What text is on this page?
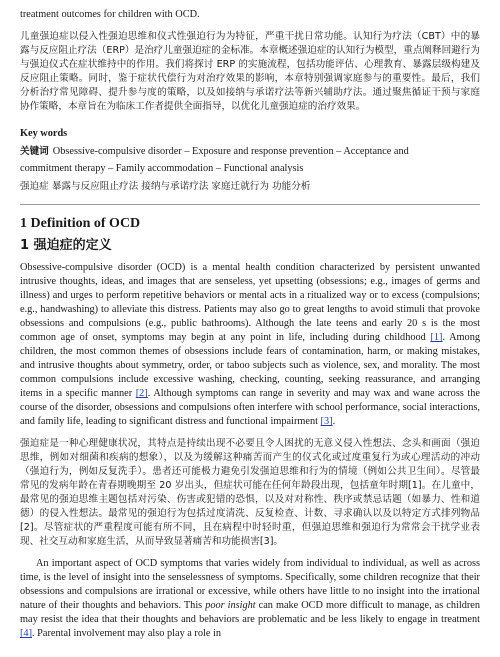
treatment outcomes for children with OCD.

儿童强迫症以侵入性强迫思维和仪式性强迫行为为特征，严重干扰日常功能。认知行为疗法（CBT）中的暴露与反应阻止疗法（ERP）是治疗儿童强迫症的金标准。本章概述强迫症的认知行为模型，重点阐释回避行为与强迫仪式在症状维持中的作用。我们将探讨 ERP 的实施流程，包括功能评估、心理教育、暴露层级构建及反应阻止策略。同时，鉴于症状代偿行为对治疗效果的影响，本章特别强调家庭参与的重要性。最后，我们分析治疗常见障碍、提升参与度的策略，以及如接纳与承诺疗法等新兴辅助疗法。通过聚焦循证干预与家庭协作策略，本章旨在为临床工作者提供全面指导，以优化儿童强迫症的治疗效果。

Key words
关键词 Obsessive-compulsive disorder – Exposure and response prevention – Acceptance and
commitment therapy – Family accommodation – Functional analysis
强迫症 暴露与反应阻止疗法 接纳与承诺疗法 家庭迁就行为 功能分析
1 Definition of OCD
1 强迫症的定义

Obsessive-compulsive disorder (OCD) is a mental health condition characterized by persistent unwanted intrusive thoughts, ideas, and images that are senseless, yet upsetting (obsessions; e.g., images of germs and illness) and urges to perform repetitive behaviors or mental acts in a ritualized way or to excess (compulsions; e.g., handwashing) to alleviate this distress. Patients may also go to great lengths to avoid stimuli that provoke obsessions and compulsions (e.g., public bathrooms). Although the late teens and early 20 s is the most common age of onset, symptoms may begin at any point in life, including during childhood [1]. Among children, the most common themes of obsessions include fears of contamination, harm, or making mistakes, and intrusive thoughts about symmetry, order, or taboo subjects such as violence, sex, and morality. The most common compulsions include excessive washing, checking, counting, seeking reassurance, and arranging items in a specific manner [2]. Although symptoms can range in severity and may wax and wane across the course of the disorder, obsessions and compulsions often interfere with school performance, social interactions, and family life, leading to significant distress and functional impairment [3].

强迫症是一种心理健康状况，其特点是持续出现不必要且令人困扰的无意义侵入性想法、念头和画面（强迫思维，例如对细菌和疾病的想象），以及为缓解这种痛苦而产生的仪式化或过度重复行为或心理活动的冲动（强迫行为，例如反复洗手）。患者还可能极力避免引发强迫思维和行为的情境（例如公共卫生间）。尽管最常见的发病年龄在青春期晚期至 20 岁出头，但症状可能在任何年龄段出现，包括童年时期[1]。在儿童中，最常见的强迫思维主题包括对污染、伤害或犯错的恐惧，以及对对称性、秩序或禁忌话题（如暴力、性和道德）的侵入性想法。最常见的强迫行为包括过度清洗、反复检查、计数、寻求确认以及以特定方式排列物品[2]。尽管症状的严重程度可能有所不同，且在病程中时轻时重，但强迫思维和强迫行为常常会干扰学业表现、社交互动和家庭生活，从而导致显著痛苦和功能损害[3]。

An important aspect of OCD symptoms that varies widely from individual to individual, as well as across time, is the level of insight into the senselessness of symptoms. Specifically, some children recognize that their obsessions and compulsions are irrational or excessive, while others have little to no insight into the irrational nature of their thoughts and behaviors. This poor insight can make OCD more difficult to manage, as children may resist the idea that their thoughts and behaviors are problematic and be less likely to engage in treatment [4]. Parental involvement may also play a role in
